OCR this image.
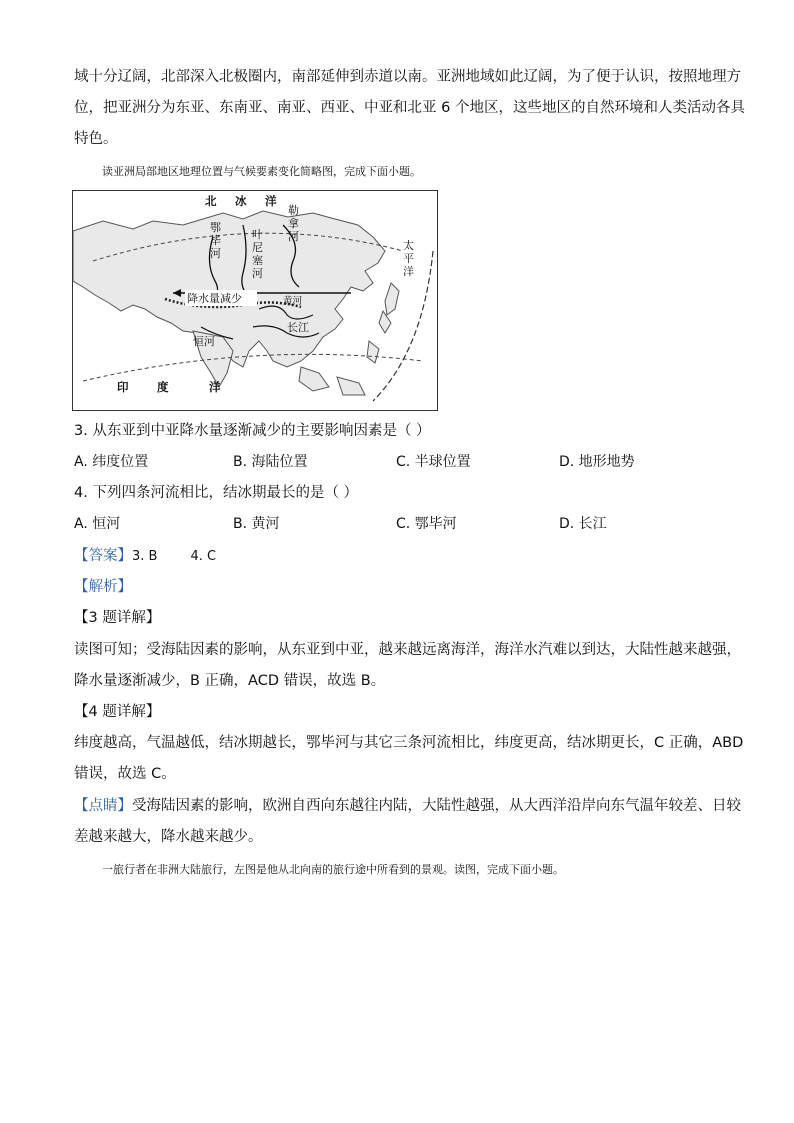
域十分辽阔，北部深入北极圈内，南部延伸到赤道以南。亚洲地域如此辽阔，为了便于认识，按照地理方
位，把亚洲分为东亚、东南亚、南亚、西亚、中亚和北亚 6 个地区，这些地区的自然环境和人类活动各具
特色。
读亚洲局部地区地理位置与气候要素变化简略图，完成下面小题。
北 冰 洋
鄂
毕
河
叶
尼
塞
河
勒
拿
河
太
平
洋
降水量减少	黄河
长江
恒河
印 度	洋
3. 从东亚到中亚降水量逐渐减少的主要影响因素是（ ）
A. 纬度位置	B. 海陆位置	C. 半球位置	D. 地形地势
4. 下列四条河流相比，结冰期最长的是（ ）
A. 恒河	B. 黄河	C. 鄂毕河	D. 长江
【答案】3. B        4. C
【解析】
【3 题详解】
读图可知；受海陆因素的影响，从东亚到中亚，越来越远离海洋，海洋水汽难以到达，大陆性越来越强，
降水量逐渐减少，B 正确，ACD 错误，故选 B。
【4 题详解】
纬度越高，气温越低，结冰期越长，鄂毕河与其它三条河流相比，纬度更高，结冰期更长，C 正确，ABD
错误，故选 C。
【点睛】受海陆因素的影响，欧洲自西向东越往内陆，大陆性越强，从大西洋沿岸向东气温年较差、日较
差越来越大，降水越来越少。
一旅行者在非洲大陆旅行，左图是他从北向南的旅行途中所看到的景观。读图，完成下面小题。
